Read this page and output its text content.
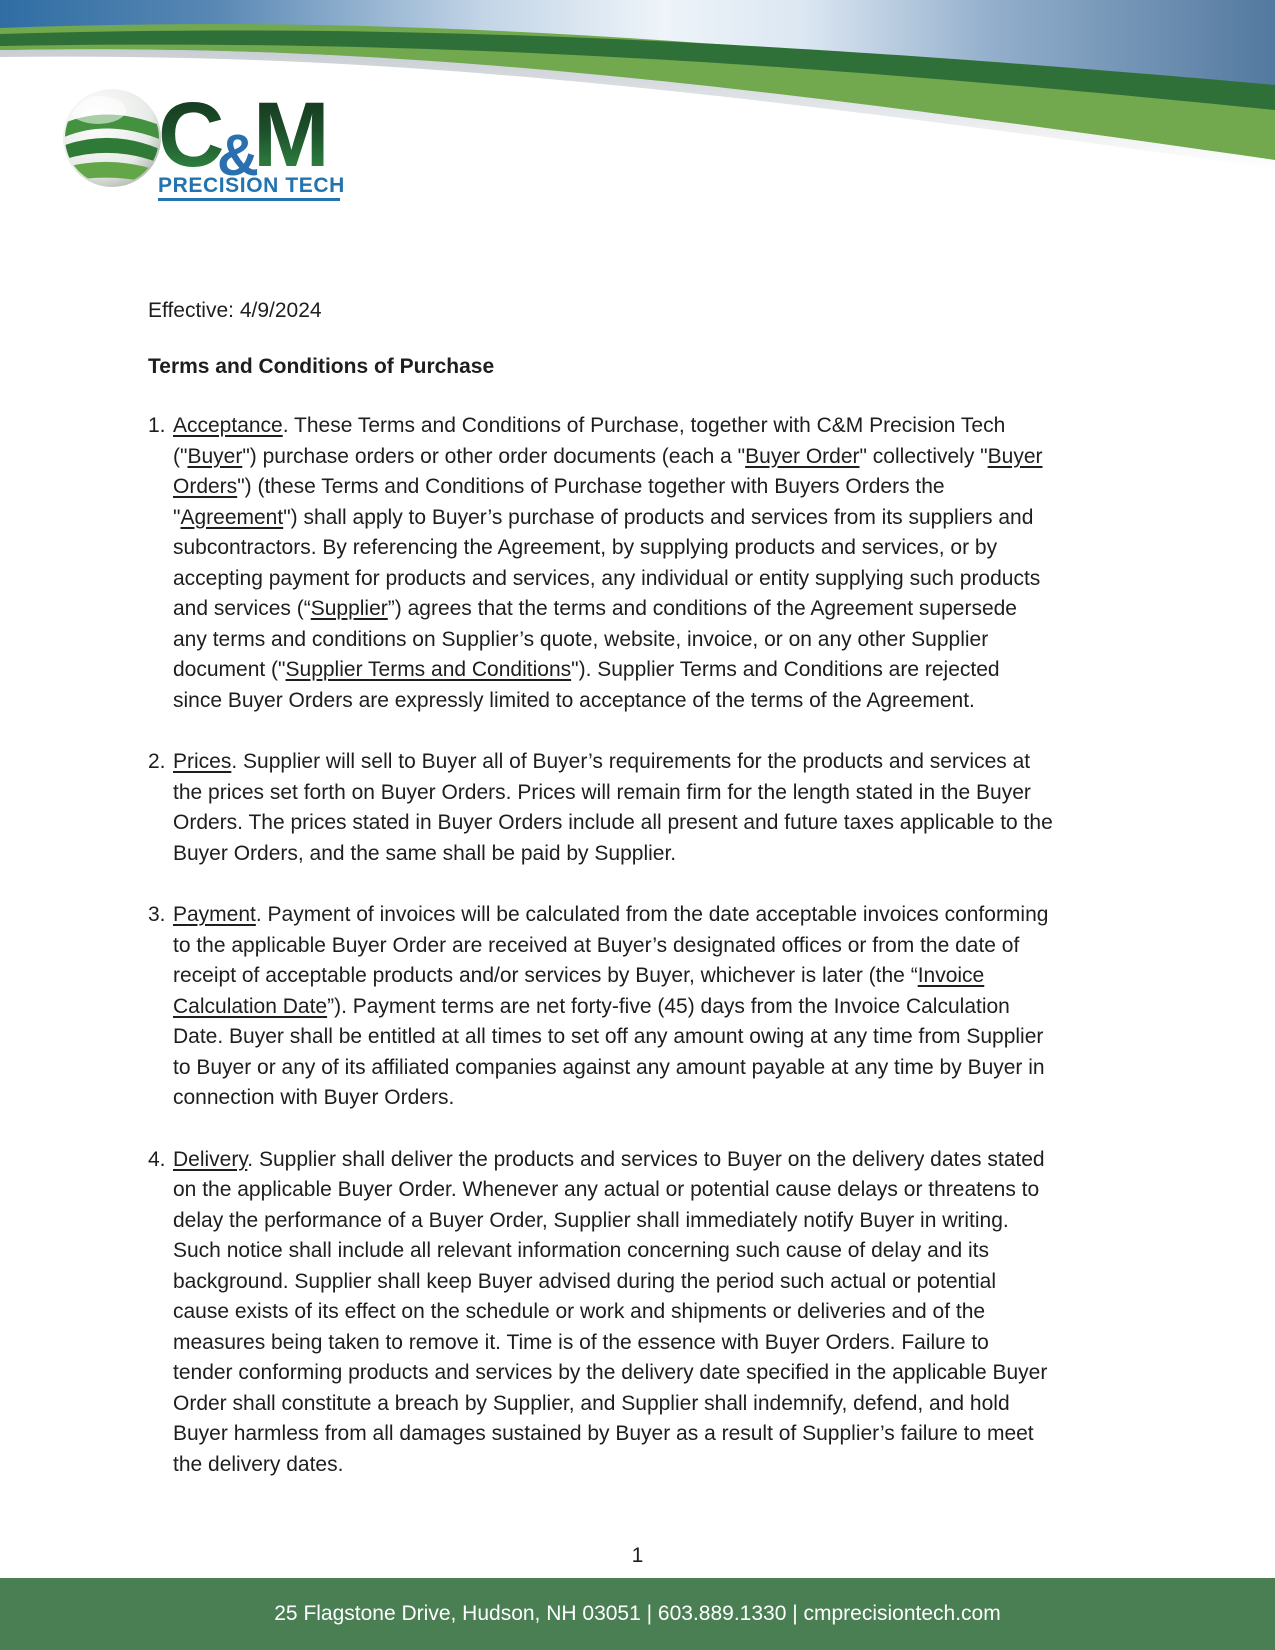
C
&
M
PRECISION TECH

Effective: 4/9/2024

Terms and Conditions of Purchase
1. Acceptance. These Terms and Conditions of Purchase, together with C&M Precision Tech ("Buyer") purchase orders or other order documents (each a "Buyer Order" collectively "Buyer Orders") (these Terms and Conditions of Purchase together with Buyers Orders the "Agreement") shall apply to Buyer’s purchase of products and services from its suppliers and subcontractors. By referencing the Agreement, by supplying products and services, or by accepting payment for products and services, any individual or entity supplying such products and services (“Supplier”) agrees that the terms and conditions of the Agreement supersede any terms and conditions on Supplier’s quote, website, invoice, or on any other Supplier document ("Supplier Terms and Conditions"). Supplier Terms and Conditions are rejected since Buyer Orders are expressly limited to acceptance of the terms of the Agreement.
2. Prices. Supplier will sell to Buyer all of Buyer’s requirements for the products and services at the prices set forth on Buyer Orders. Prices will remain firm for the length stated in the Buyer Orders. The prices stated in Buyer Orders include all present and future taxes applicable to the Buyer Orders, and the same shall be paid by Supplier.
3. Payment. Payment of invoices will be calculated from the date acceptable invoices conforming to the applicable Buyer Order are received at Buyer’s designated offices or from the date of receipt of acceptable products and/or services by Buyer, whichever is later (the “Invoice Calculation Date”). Payment terms are net forty-five (45) days from the Invoice Calculation Date. Buyer shall be entitled at all times to set off any amount owing at any time from Supplier to Buyer or any of its affiliated companies against any amount payable at any time by Buyer in connection with Buyer Orders.
4. Delivery. Supplier shall deliver the products and services to Buyer on the delivery dates stated on the applicable Buyer Order. Whenever any actual or potential cause delays or threatens to delay the performance of a Buyer Order, Supplier shall immediately notify Buyer in writing. Such notice shall include all relevant information concerning such cause of delay and its background. Supplier shall keep Buyer advised during the period such actual or potential cause exists of its effect on the schedule or work and shipments or deliveries and of the measures being taken to remove it. Time is of the essence with Buyer Orders. Failure to tender conforming products and services by the delivery date specified in the applicable Buyer Order shall constitute a breach by Supplier, and Supplier shall indemnify, defend, and hold Buyer harmless from all damages sustained by Buyer as a result of Supplier’s failure to meet the delivery dates.
1
25 Flagstone Drive, Hudson, NH 03051 | 603.889.1330 | cmprecisiontech.com
